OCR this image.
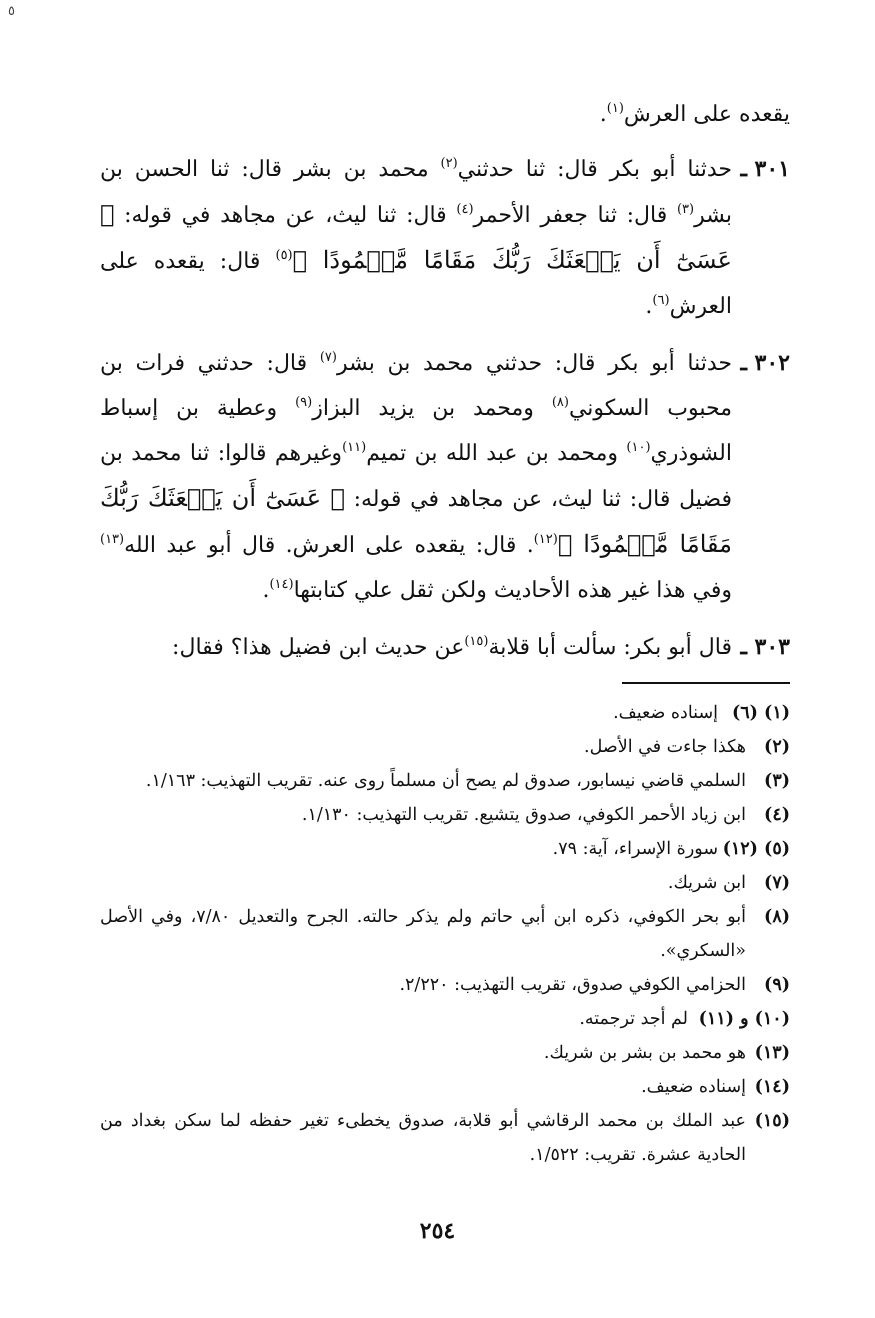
٥

يقعده على العرش$^{(١)}$.

٣٠١ ـ
حدثنا أبو بكر قال: ثنا حدثني$^{(٢)}$ محمد بن بشر قال: ثنا الحسن بن بشر$^{(٣)}$ قال: ثنا جعفر الأحمر$^{(٤)}$ قال: ثنا ليث، عن مجاهد في قوله: ﴿ عَسَىٰٓ أَن يَبۡعَثَكَ رَبُّكَ مَقَامًا مَّحۡمُودًا ﴾$^{(٥)}$ قال: يقعده على العرش$^{(٦)}$.

٣٠٢ ـ
حدثنا أبو بكر قال: حدثني محمد بن بشر$^{(٧)}$ قال: حدثني فرات بن محبوب السكوني$^{(٨)}$ ومحمد بن يزيد البزاز$^{(٩)}$ وعطية بن إسباط الشوذري$^{(١٠)}$ ومحمد بن عبد الله بن تميم$^{(١١)}$وغيرهم قالوا: ثنا محمد بن فضيل قال: ثنا ليث، عن مجاهد في قوله: ﴿ عَسَىٰٓ أَن يَبۡعَثَكَ رَبُّكَ مَقَامًا مَّحۡمُودًا ﴾$^{(١٢)}$. قال: يقعده على العرش. قال أبو عبد الله$^{(١٣)}$ وفي هذا غير هذه الأحاديث ولكن ثقل علي كتابتها$^{(١٤)}$.

٣٠٣ ـ
قال أبو بكر: سألت أبا قلابة$^{(١٥)}$عن حديث ابن فضيل هذا؟ فقال:

(١) (٦)
إسناده ضعيف.

(٢)
هكذا جاءت في الأصل.

(٣)
السلمي قاضي نيسابور، صدوق لم يصح أن مسلماً روى عنه. تقريب التهذيب: ١/١٦٣.

(٤)
ابن زياد الأحمر الكوفي، صدوق يتشيع. تقريب التهذيب: ١/١٣٠.

(٥) (١٢)
سورة الإسراء، آية: ٧٩.

(٧)
ابن شريك.

(٨)
أبو بحر الكوفي، ذكره ابن أبي حاتم ولم يذكر حالته. الجرح والتعديل ٧/٨٠، وفي الأصل «السكري».

(٩)
الحزامي الكوفي صدوق، تقريب التهذيب: ٢/٢٢٠.

(١٠) و (١١)
لم أجد ترجمته.

(١٣)
هو محمد بن بشر بن شريك.

(١٤)
إسناده ضعيف.

(١٥)
عبد الملك بن محمد الرقاشي أبو قلابة، صدوق يخطىء تغير حفظه لما سكن بغداد من الحادية عشرة. تقريب: ١/٥٢٢.

٢٥٤
